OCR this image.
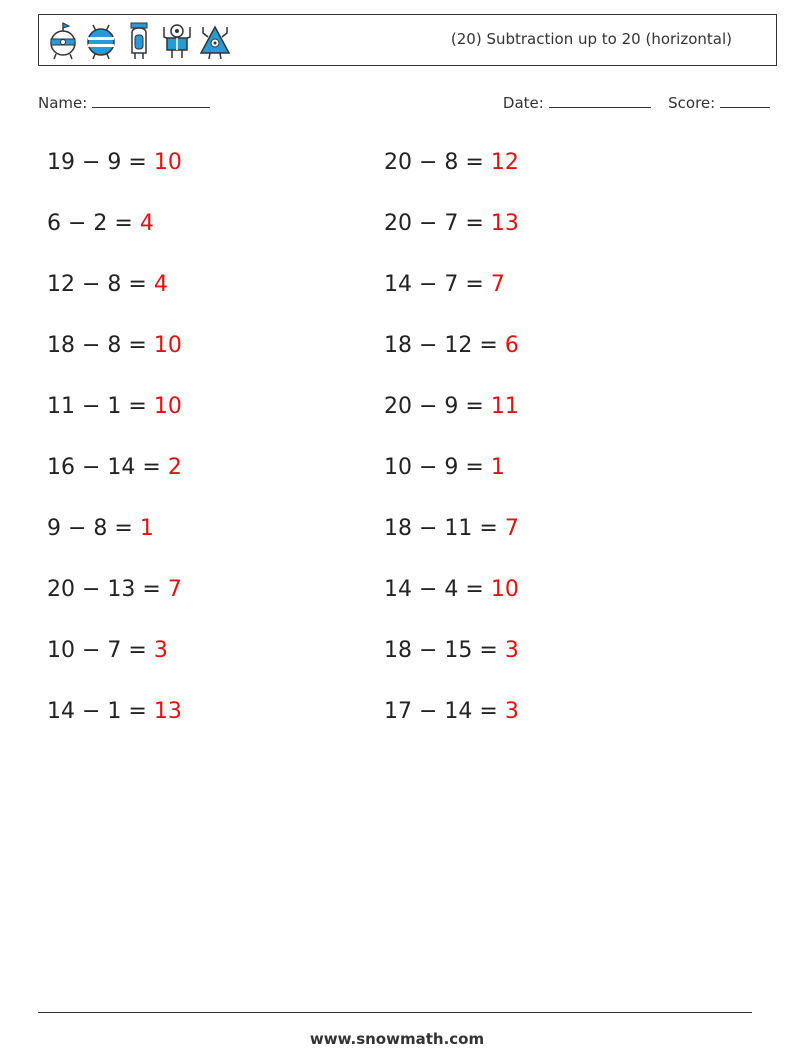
(20) Subtraction up to 20 (horizontal)
Name:	Date:	Score:
19 − 9 = 10
6 − 2 = 4
12 − 8 = 4
18 − 8 = 10
11 − 1 = 10
16 − 14 = 2
9 − 8 = 1
20 − 13 = 7
10 − 7 = 3
14 − 1 = 13
20 − 8 = 12
20 − 7 = 13
14 − 7 = 7
18 − 12 = 6
20 − 9 = 11
10 − 9 = 1
18 − 11 = 7
14 − 4 = 10
18 − 15 = 3
17 − 14 = 3
www.snowmath.com
